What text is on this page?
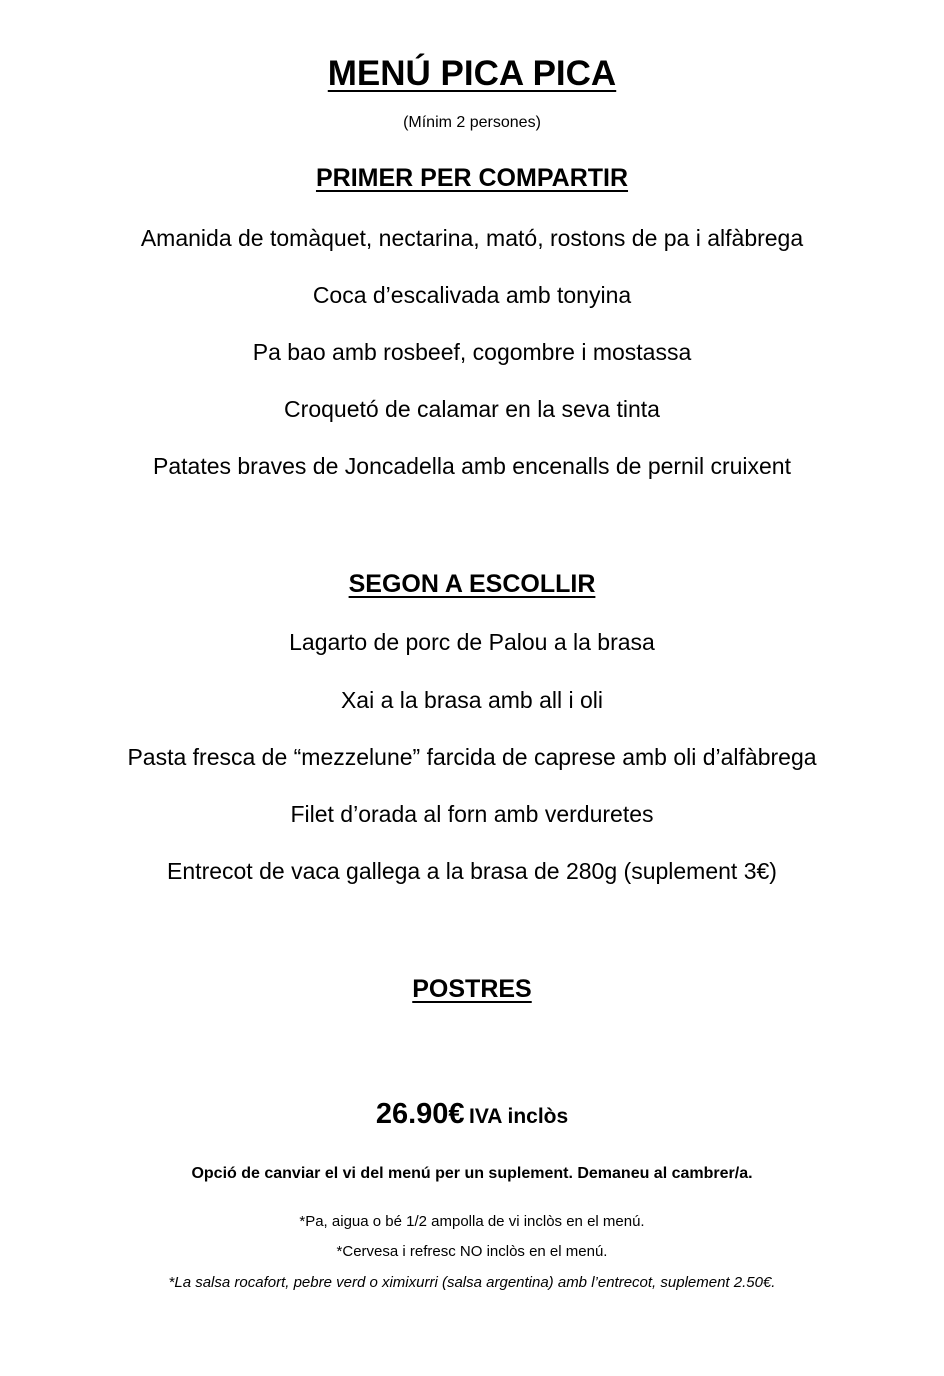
MENÚ PICA PICA
(Mínim 2 persones)
PRIMER PER COMPARTIR
Amanida de tomàquet, nectarina, mató, rostons de pa i alfàbrega
Coca d’escalivada amb tonyina
Pa bao amb rosbeef, cogombre i mostassa
Croquetó de calamar en la seva tinta
Patates braves de Joncadella amb encenalls de pernil cruixent
SEGON A ESCOLLIR
Lagarto de porc de Palou a la brasa
Xai a la brasa amb all i oli
Pasta fresca de “mezzelune” farcida de caprese amb oli d’alfàbrega
Filet d’orada al forn amb verduretes
Entrecot de vaca gallega a la brasa de 280g (suplement 3€)
POSTRES
26.90€ IVA inclòs
Opció de canviar el vi del menú per un suplement. Demaneu al cambrer/a.
*Pa, aigua o bé 1/2 ampolla de vi inclòs en el menú.
*Cervesa i refresc NO inclòs en el menú.
*La salsa rocafort, pebre verd o ximixurri (salsa argentina) amb l’entrecot, suplement 2.50€.
